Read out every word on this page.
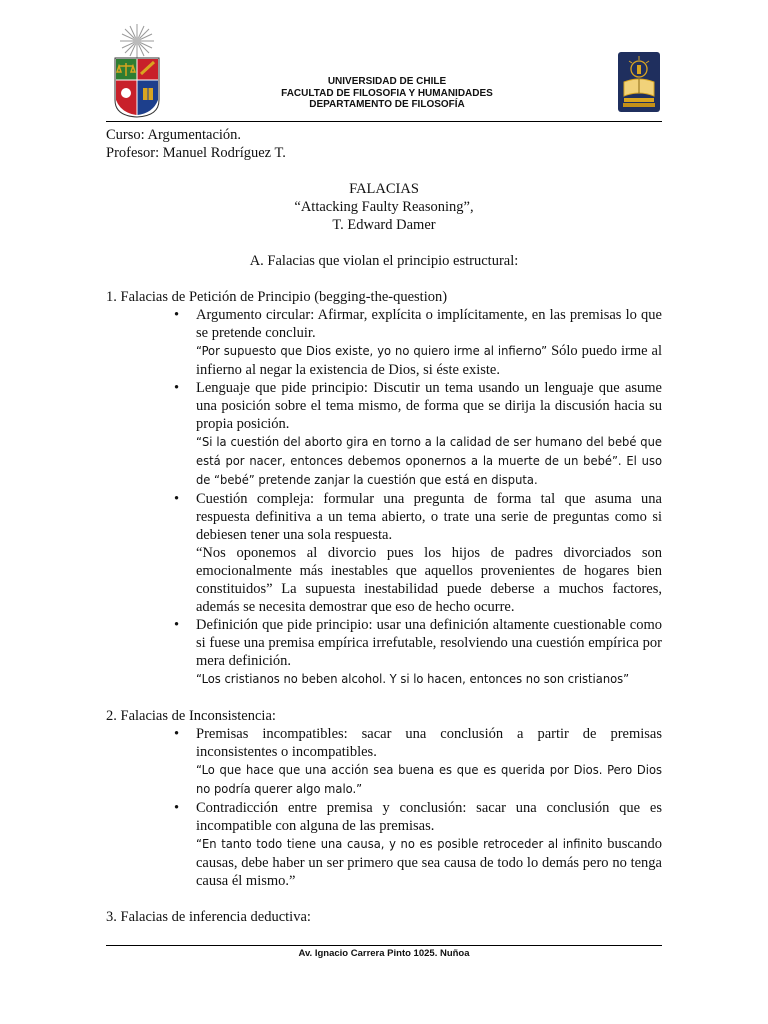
UNIVERSIDAD DE CHILE
FACULTAD DE FILOSOFIA Y HUMANIDADES
DEPARTAMENTO DE FILOSOFÍA
Curso: Argumentación.
Profesor: Manuel Rodríguez T.
FALACIAS
“Attacking Faulty Reasoning”,
T. Edward Damer
A. Falacias que violan el principio estructural:

1. Falacias de Petición de Principio (begging-the-question)

• Argumento circular: Afirmar, explícita o implícitamente, en las premisas lo que se pretende concluir.
“Por supuesto que Dios existe, yo no quiero irme al infierno” Sólo puedo irme al infierno al negar la existencia de Dios, si éste existe.
• Lenguaje que pide principio: Discutir un tema usando un lenguaje que asume una posición sobre el tema mismo, de forma que se dirija la discusión hacia su propia posición.
“Si la cuestión del aborto gira en torno a la calidad de ser humano del bebé que está por nacer, entonces debemos oponernos a la muerte de un bebé”. El uso de “bebé” pretende zanjar la cuestión que está en disputa.
• Cuestión compleja: formular una pregunta de forma tal que asuma una respuesta definitiva a un tema abierto, o trate una serie de preguntas como si debiesen tener una sola respuesta.
“Nos oponemos al divorcio pues los hijos de padres divorciados son emocionalmente más inestables que aquellos provenientes de hogares bien constituidos” La supuesta inestabilidad puede deberse a muchos factores, además se necesita demostrar que eso de hecho ocurre.
• Definición que pide principio: usar una definición altamente cuestionable como si fuese una premisa empírica irrefutable, resolviendo una cuestión empírica por mera definición.
“Los cristianos no beben alcohol. Y si lo hacen, entonces no son cristianos”

2. Falacias de Inconsistencia:

• Premisas incompatibles: sacar una conclusión a partir de premisas inconsistentes o incompatibles.
“Lo que hace que una acción sea buena es que es querida por Dios. Pero Dios no podría querer algo malo.”
• Contradicción entre premisa y conclusión: sacar una conclusión que es incompatible con alguna de las premisas.
“En tanto todo tiene una causa, y no es posible retroceder al infinito buscando causas, debe haber un ser primero que sea causa de todo lo demás pero no tenga causa él mismo.”

3. Falacias de inferencia deductiva:

Av. Ignacio Carrera Pinto 1025. Nuñoa
